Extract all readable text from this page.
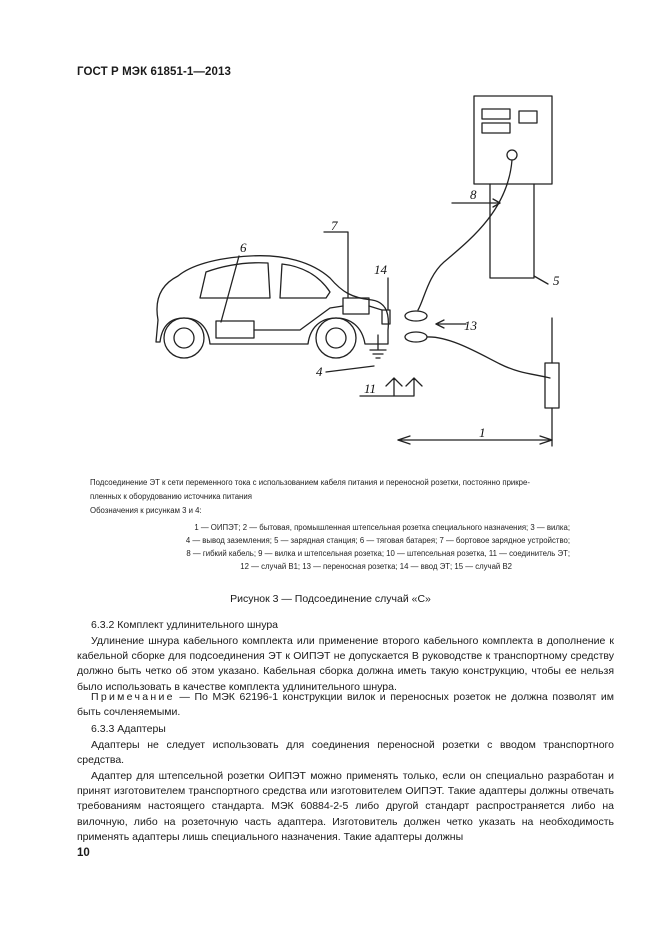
ГОСТ Р МЭК 61851-1—2013
6
7
14
4
11
8
5
13
1
Подсоединение ЭТ к сети переменного тока с использованием кабеля питания и переносной розетки, постоянно прикре-
пленных к оборудованию источника питания
Обозначения к рисункам 3 и 4:
1 — ОИПЭТ; 2 — бытовая, промышленная штепсельная розетка специального назначения; 3 — вилка;
4 — вывод заземления; 5 — зарядная станция; 6 — тяговая батарея; 7 — бортовое зарядное устройство;
8 — гибкий кабель; 9 — вилка и штепсельная розетка; 10 — штепсельная розетка, 11 — соединитель ЭТ;
12 — случай В1; 13 — переносная розетка; 14 — ввод ЭТ; 15 — случай В2
Рисунок 3 — Подсоединение случай «С»
6.3.2 Комплект удлинительного шнура
Удлинение шнура кабельного комплекта или применение второго кабельного комплекта в дополнение к кабельной сборке для подсоединения ЭТ к ОИПЭТ не допускается В руководстве к транспортному средству должно быть четко об этом указано. Кабельная сборка должна иметь такую конструкцию, чтобы ее нельзя было использовать в качестве комплекта удлинительного шнура.
Примечание — По МЭК 62196-1 конструкции вилок и переносных розеток не должна позволят им быть сочленяемыми.
6.3.3 Адаптеры
Адаптеры не следует использовать для соединения переносной розетки с вводом транспортного средства.
Адаптер для штепсельной розетки ОИПЭТ можно применять только, если он специально разработан и принят изготовителем транспортного средства или изготовителем ОИПЭТ. Такие адаптеры должны отвечать требованиям настоящего стандарта. МЭК 60884-2-5 либо другой стандарт распространяется либо на вилочную, либо на розеточную часть адаптера. Изготовитель должен четко указать на необходимость применять адаптеры лишь специального назначения. Такие адаптеры должны
10
